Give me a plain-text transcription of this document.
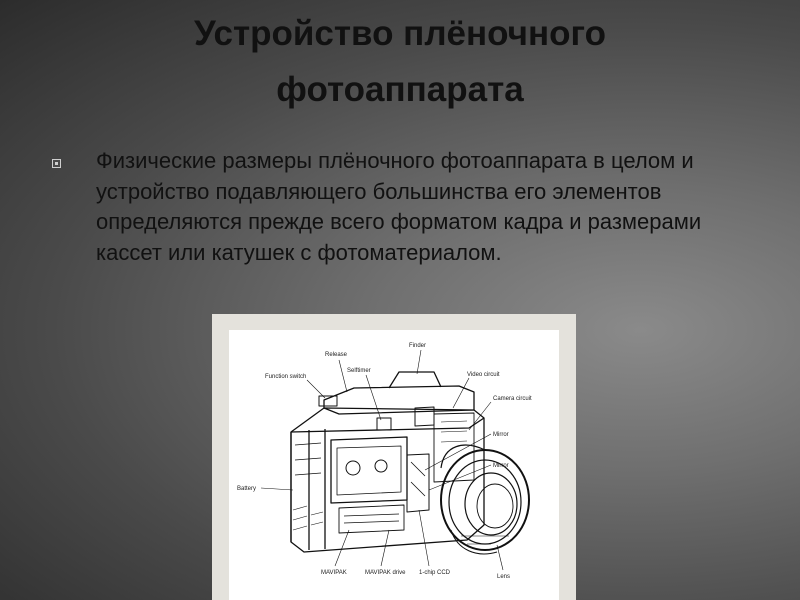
Устройство плёночного
фотоаппарата
Физические размеры плёночного фотоаппарата в целом и устройство подавляющего большинства его элементов определяются прежде всего форматом кадра и размерами кассет или катушек с фотоматериалом.
Release
Finder
Function switch
Selftimer
Video circuit
Camera circuit
Mirror
Mirror
Battery
MAVIPAK	MAVIPAK drive 1-chip CCD
Lens
